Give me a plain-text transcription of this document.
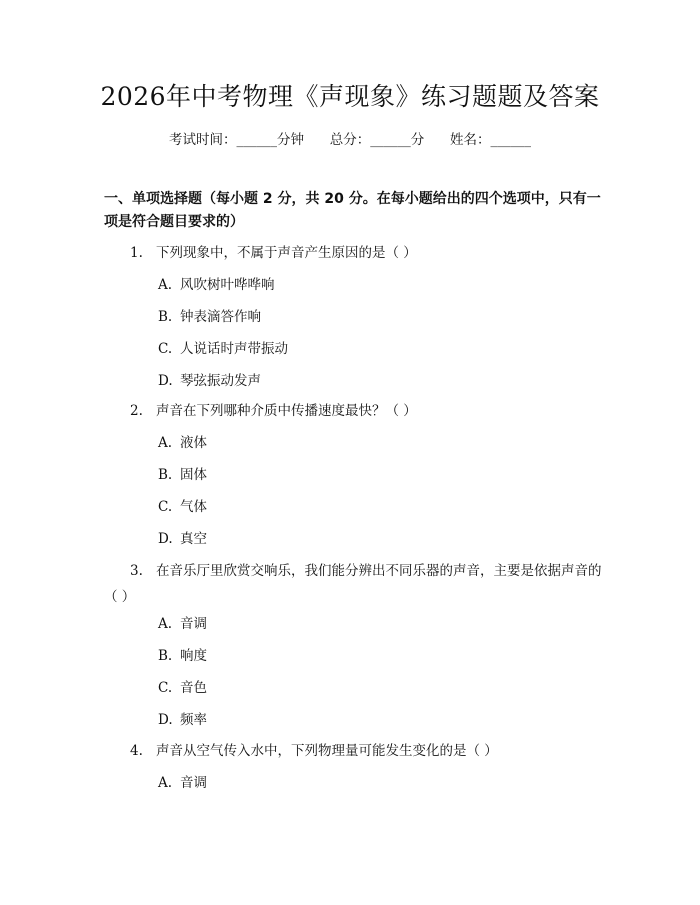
2026年中考物理《声现象》练习题题及答案
考试时间：______分钟 总分：______分 姓名：______
一、单项选择题（每小题 2 分，共 20 分。在每小题给出的四个选项中，只有一项是符合题目要求的）
1. 下列现象中，不属于声音产生原因的是（ ）
A. 风吹树叶哗哗响
B. 钟表滴答作响
C. 人说话时声带振动
D. 琴弦振动发声
2. 声音在下列哪种介质中传播速度最快？（ ）
A. 液体
B. 固体
C. 气体
D. 真空
3. 在音乐厅里欣赏交响乐，我们能分辨出不同乐器的声音，主要是依据声音的（ ）
A. 音调
B. 响度
C. 音色
D. 频率
4. 声音从空气传入水中，下列物理量可能发生变化的是（ ）
A. 音调
